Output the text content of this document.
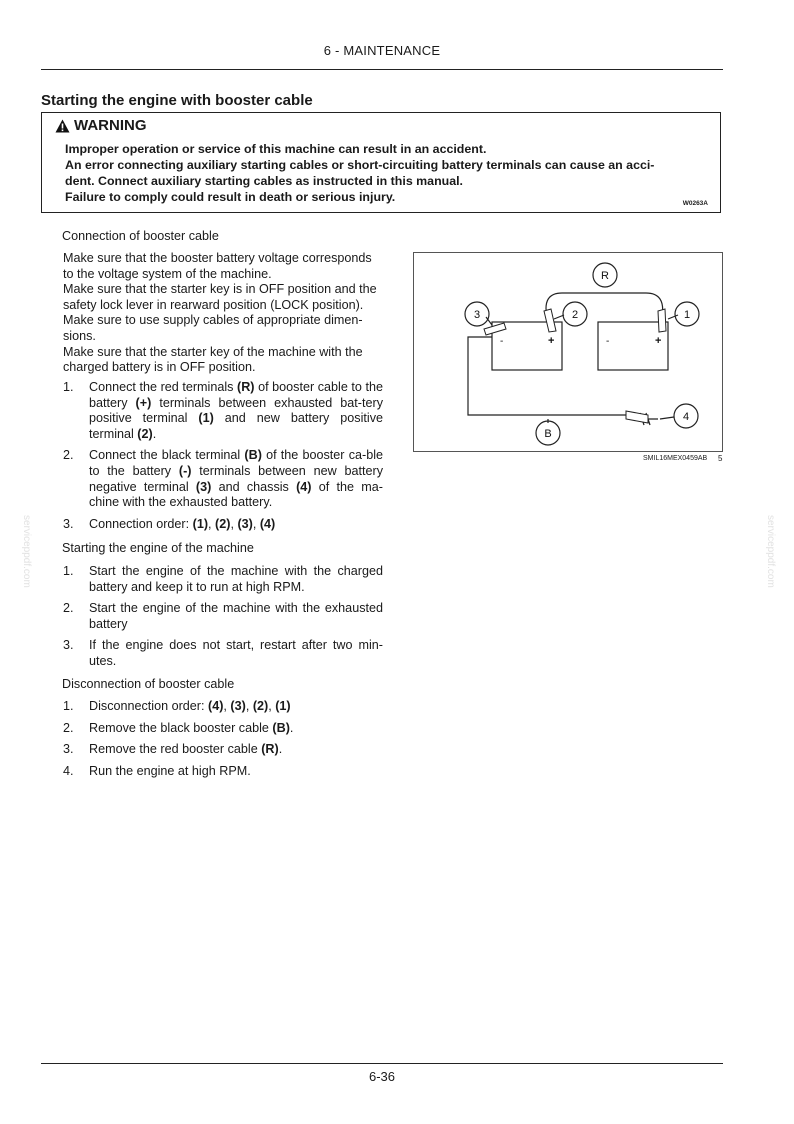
6 - MAINTENANCE
Starting the engine with booster cable
WARNING
Improper operation or service of this machine can result in an accident.
An error connecting auxiliary starting cables or short-circuiting battery terminals can cause an acci-
dent. Connect auxiliary starting cables as instructed in this manual.
Failure to comply could result in death or serious injury.	W0263A
Connection of booster cable
Make sure that the booster battery voltage corresponds
to the voltage system of the machine.
Make sure that the starter key is in OFF position and the
safety lock lever in rearward position (LOCK position).
Make sure to use supply cables of appropriate dimen-
sions.
Make sure that the starter key of the machine with the
charged battery is in OFF position.
1. Connect the red terminals (R) of booster cable to the battery (+) terminals between exhausted bat-tery positive terminal (1) and new battery positive terminal (2).
2. Connect the black terminal (B) of the booster ca-ble to the battery (-) terminals between new battery negative terminal (3) and chassis (4) of the ma-chine with the exhausted battery.
3. Connection order: (1), (2), (3), (4)
Starting the engine of the machine
1. Start the engine of the machine with the charged battery and keep it to run at high RPM.
2. Start the engine of the machine with the exhausted battery
3. If the engine does not start, restart after two min-utes.
Disconnection of booster cable
1. Disconnection order: (4), (3), (2), (1)
2. Remove the black booster cable (B).
3. Remove the red booster cable (R).
4. Run the engine at high RPM.
R
3	2	1
4
B
-	+	-	+
SMIL16MEX0459AB 5
serviceppdf.com	serviceppdf.com
6-36
